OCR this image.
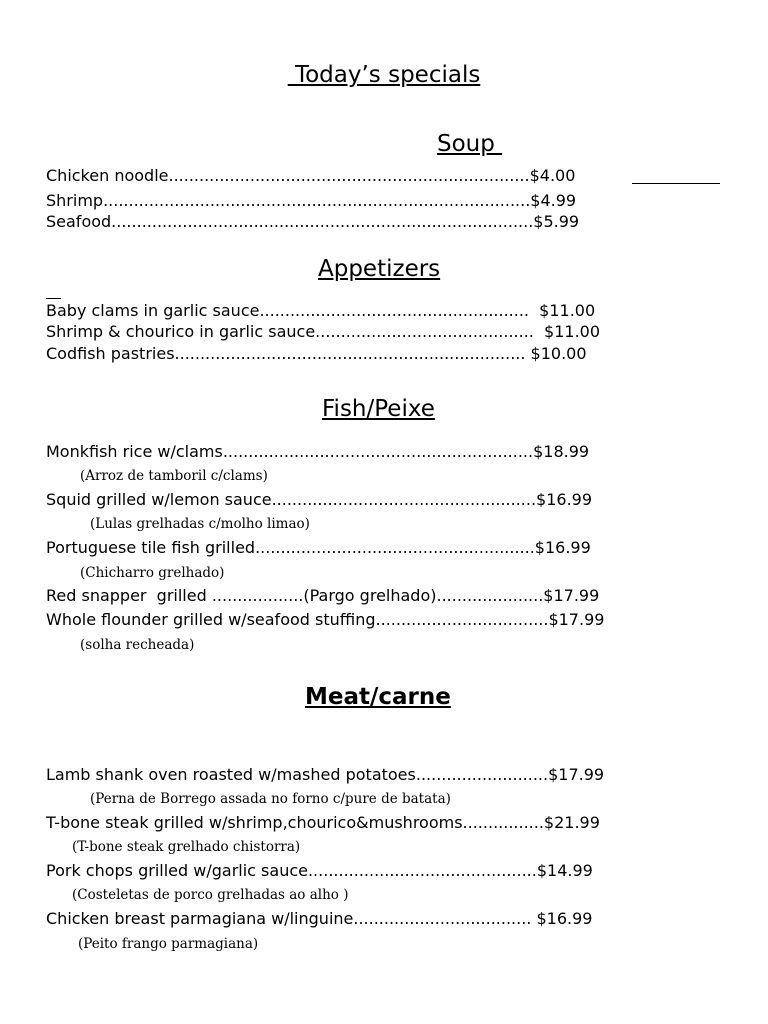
Today’s specials
Soup
Chicken noodle.......................................................................$4.00
Shrimp....................................................................................$4.99
Seafood...................................................................................$5.99
Appetizers
Baby clams in garlic sauce.....................................................  $11.00
Shrimp & chourico in garlic sauce...........................................  $11.00
Codfish pastries..................................................................... $10.00
Fish/Peixe
Monkfish rice w/clams.............................................................$18.99
(Arroz de tamboril c/clams)
Squid grilled w/lemon sauce....................................................$16.99
(Lulas grelhadas c/molho limao)
Portuguese tile fish grilled.......................................................$16.99
(Chicharro grelhado)
Red snapper  grilled ..................(Pargo grelhado).....................$17.99
Whole flounder grilled w/seafood stuffing..................................$17.99
(solha recheada)
Meat/carne
Lamb shank oven roasted w/mashed potatoes..........................$17.99
(Perna de Borrego assada no forno c/pure de batata)
T-bone steak grilled w/shrimp,chourico&mushrooms................$21.99
(T-bone steak grelhado chistorra)
Pork chops grilled w/garlic sauce.............................................$14.99
(Costeletas de porco grelhadas ao alho )
Chicken breast parmagiana w/linguine................................... $16.99
(Peito frango parmagiana)
